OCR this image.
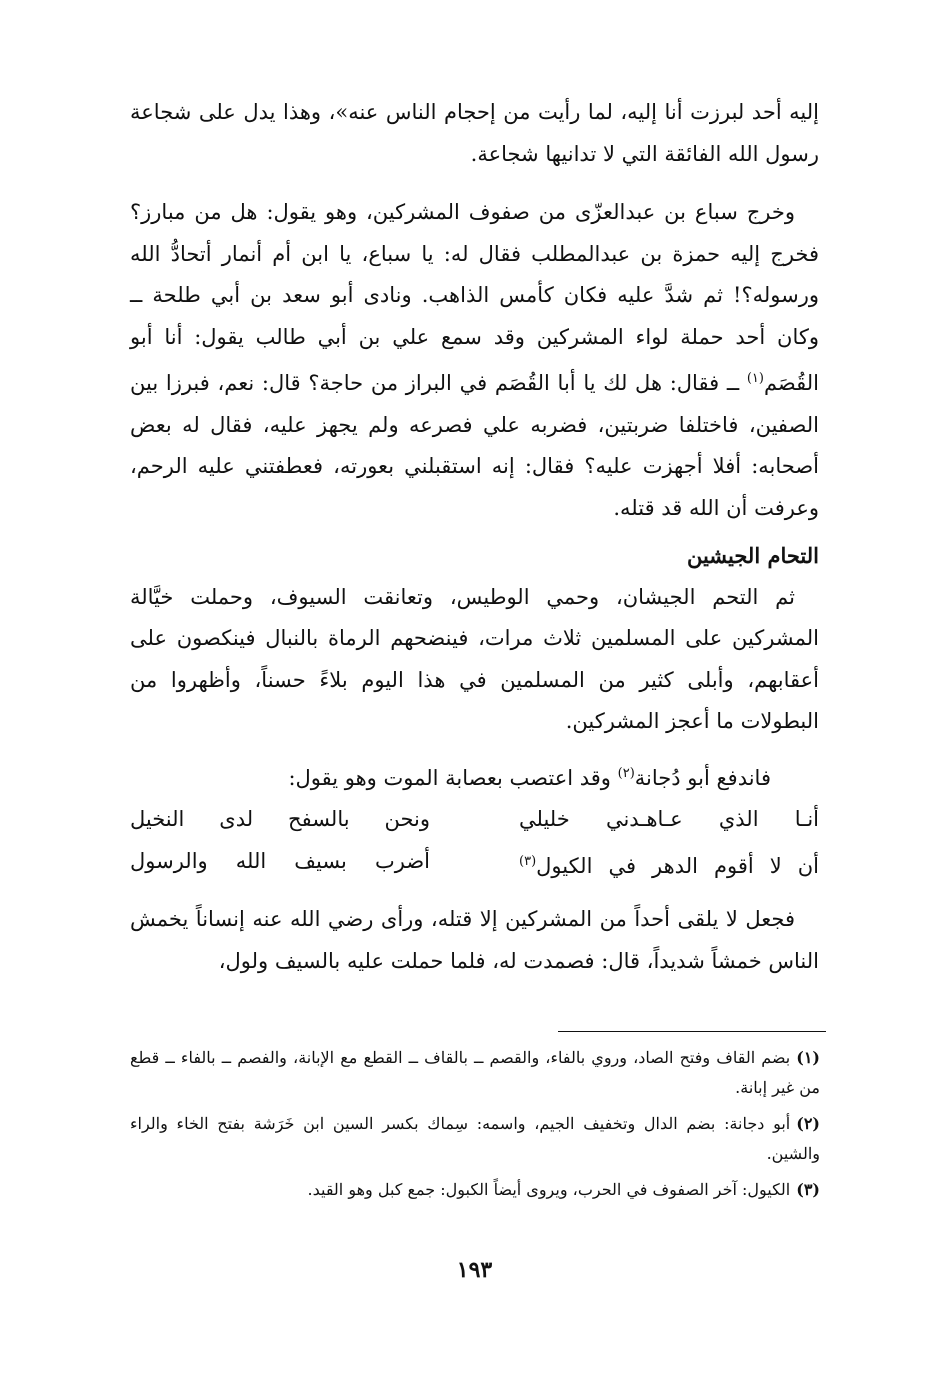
إليه أحد لبرزت أنا إليه، لما رأيت من إحجام الناس عنه»، وهذا يدل على شجاعة رسول الله الفائقة التي لا تدانيها شجاعة.

وخرج سباع بن عبدالعزّى من صفوف المشركين، وهو يقول: هل من مبارز؟ فخرج إليه حمزة بن عبدالمطلب فقال له: يا سباع، يا ابن أم أنمار أتحادُّ الله ورسوله؟! ثم شدَّ عليه فكان كأمس الذاهب. ونادى أبو سعد بن أبي طلحة ــ وكان أحد حملة لواء المشركين وقد سمع علي بن أبي طالب يقول: أنا أبو القُصَم$^{(١)}$ ــ فقال: هل لك يا أبا القُصَم في البراز من حاجة؟ قال: نعم، فبرزا بين الصفين، فاختلفا ضربتين، فضربه علي فصرعه ولم يجهز عليه، فقال له بعض أصحابه: أفلا أجهزت عليه؟ فقال: إنه استقبلني بعورته، فعطفتني عليه الرحم، وعرفت أن الله قد قتله.

التحام الجيشين

ثم التحم الجيشان، وحمي الوطيس، وتعانقت السيوف، وحملت خيَّالة المشركين على المسلمين ثلاث مرات، فينضحهم الرماة بالنبال فينكصون على أعقابهم، وأبلى كثير من المسلمين في هذا اليوم بلاءً حسناً، وأظهروا من البطولات ما أعجز المشركين.

فاندفع أبو دُجانة$^{(٢)}$ وقد اعتصب بعصابة الموت وهو يقول:

أنـا الذي عـاهـدني خليلي
ونحن بالسفح لدى النخيل
أن لا أقوم الدهر في الكيول$^{(٣)}$
أضرب بسيف الله والرسول

فجعل لا يلقى أحداً من المشركين إلا قتله، ورأى رضي الله عنه إنساناً يخمش الناس خمشاً شديداً، قال: فصمدت له، فلما حملت عليه بالسيف ولول،

(١)بضم القاف وفتح الصاد، وروي بالفاء، والقصم ــ بالقاف ــ القطع مع الإبانة، والفصم ــ بالفاء ــ قطع من غير إبانة.

(٢)أبو دجانة: بضم الدال وتخفيف الجيم، واسمه: سِماك بكسر السين ابن خَرَشة بفتح الخاء والراء والشين.

(٣)الكيول: آخر الصفوف في الحرب، ويروى أيضاً الكبول: جمع كبل وهو القيد.

١٩٣
